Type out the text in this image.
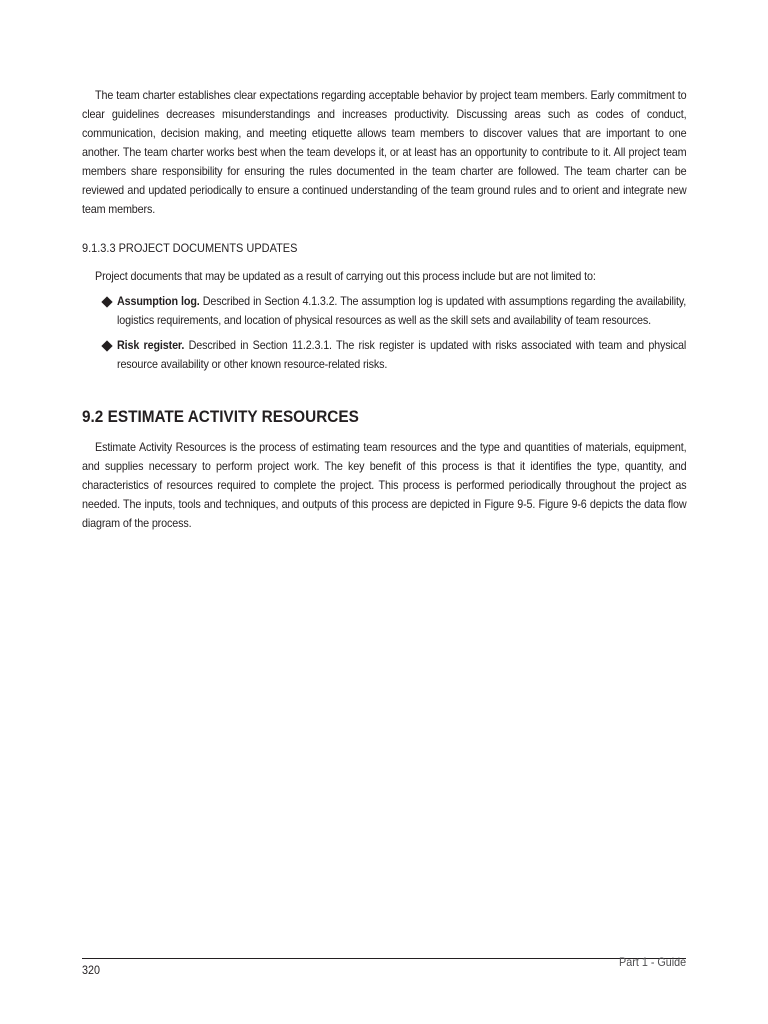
The team charter establishes clear expectations regarding acceptable behavior by project team members. Early commitment to clear guidelines decreases misunderstandings and increases productivity. Discussing areas such as codes of conduct, communication, decision making, and meeting etiquette allows team members to discover values that are important to one another. The team charter works best when the team develops it, or at least has an opportunity to contribute to it. All project team members share responsibility for ensuring the rules documented in the team charter are followed. The team charter can be reviewed and updated periodically to ensure a continued understanding of the team ground rules and to orient and integrate new team members.

9.1.3.3 PROJECT DOCUMENTS UPDATES

Project documents that may be updated as a result of carrying out this process include but are not limited to:

Assumption log. Described in Section 4.1.3.2. The assumption log is updated with assumptions regarding the availability, logistics requirements, and location of physical resources as well as the skill sets and availability of team resources.

Risk register. Described in Section 11.2.3.1. The risk register is updated with risks associated with team and physical resource availability or other known resource-related risks.

9.2 ESTIMATE ACTIVITY RESOURCES

Estimate Activity Resources is the process of estimating team resources and the type and quantities of materials, equipment, and supplies necessary to perform project work. The key benefit of this process is that it identifies the type, quantity, and characteristics of resources required to complete the project. This process is performed periodically throughout the project as needed. The inputs, tools and techniques, and outputs of this process are depicted in Figure 9-5. Figure 9-6 depicts the data flow diagram of the process.

320
Part 1 - Guide
